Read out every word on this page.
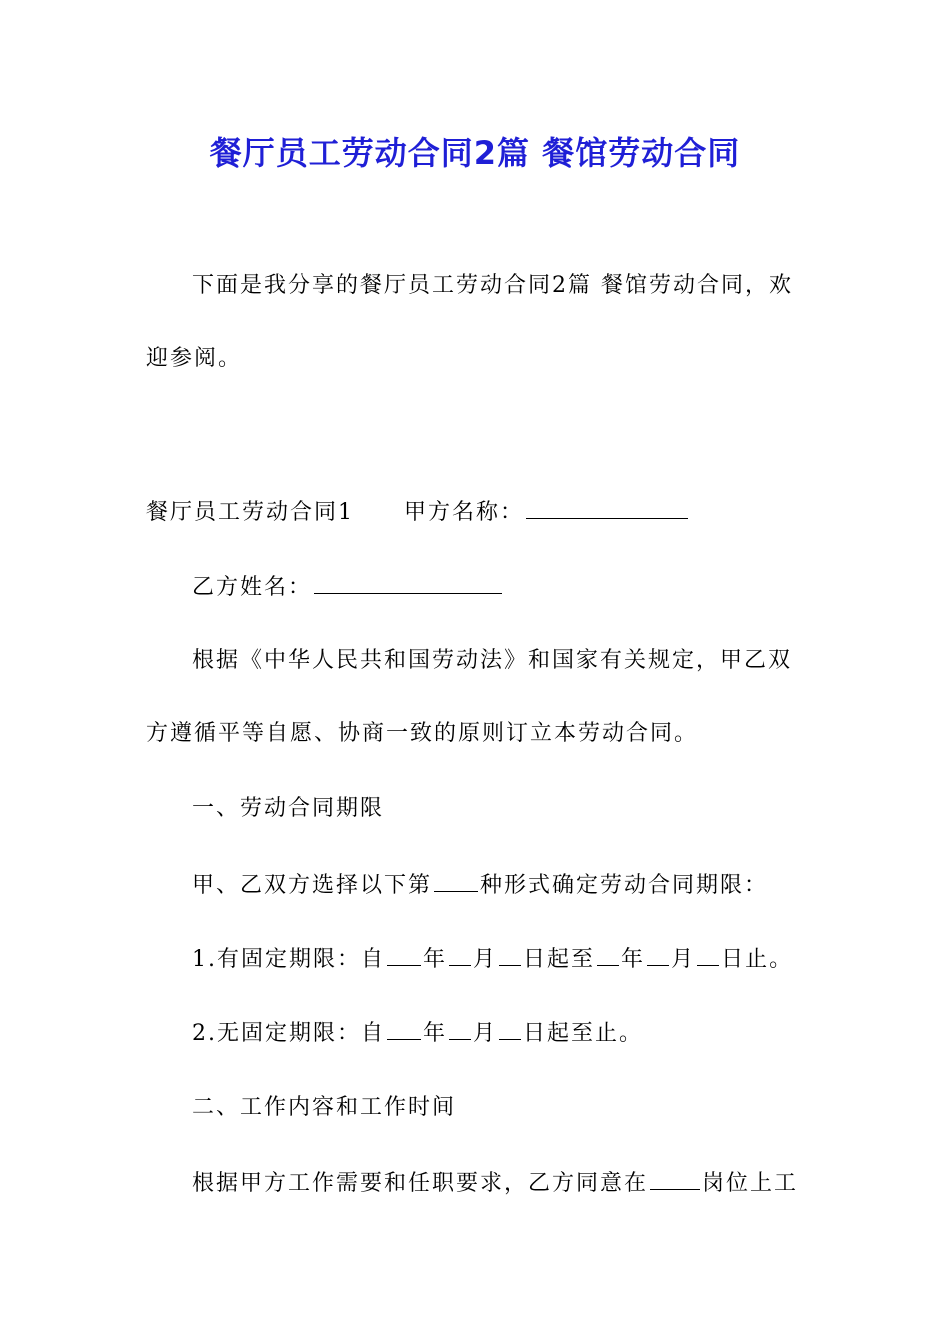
餐厅员工劳动合同2篇 餐馆劳动合同
下面是我分享的餐厅员工劳动合同2篇 餐馆劳动合同，欢
迎参阅。
餐厅员工劳动合同1 甲方名称：
乙方姓名：
根据《中华人民共和国劳动法》和国家有关规定，甲乙双
方遵循平等自愿、协商一致的原则订立本劳动合同。
一、劳动合同期限
甲、乙双方选择以下第 种形式确定劳动合同期限：
1.有固定期限：自 年 月 日起至 年 月 日止。
2.无固定期限：自 年 月 日起至止。
二、工作内容和工作时间
根据甲方工作需要和任职要求，乙方同意在 岗位上工
